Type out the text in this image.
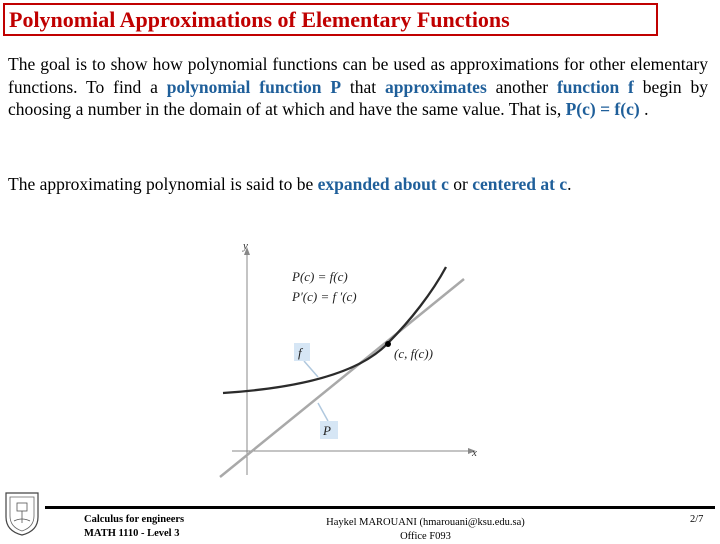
Polynomial Approximations of Elementary Functions
The goal is to show how polynomial functions can be used as approximations for other elementary functions. To find a polynomial function P that approximates another function f begin by choosing a number in the domain of at which and have the same value. That is, P(c) = f(c) .
The approximating polynomial is said to be expanded about c or centered at c.
y
x
P(c) = f(c)
P′(c) = f ′(c)
f
P
(c, f(c))
Calculus for engineers
MATH 1110 - Level 3
Haykel MAROUANI (hmarouani@ksu.edu.sa)
Office F093
2/7
